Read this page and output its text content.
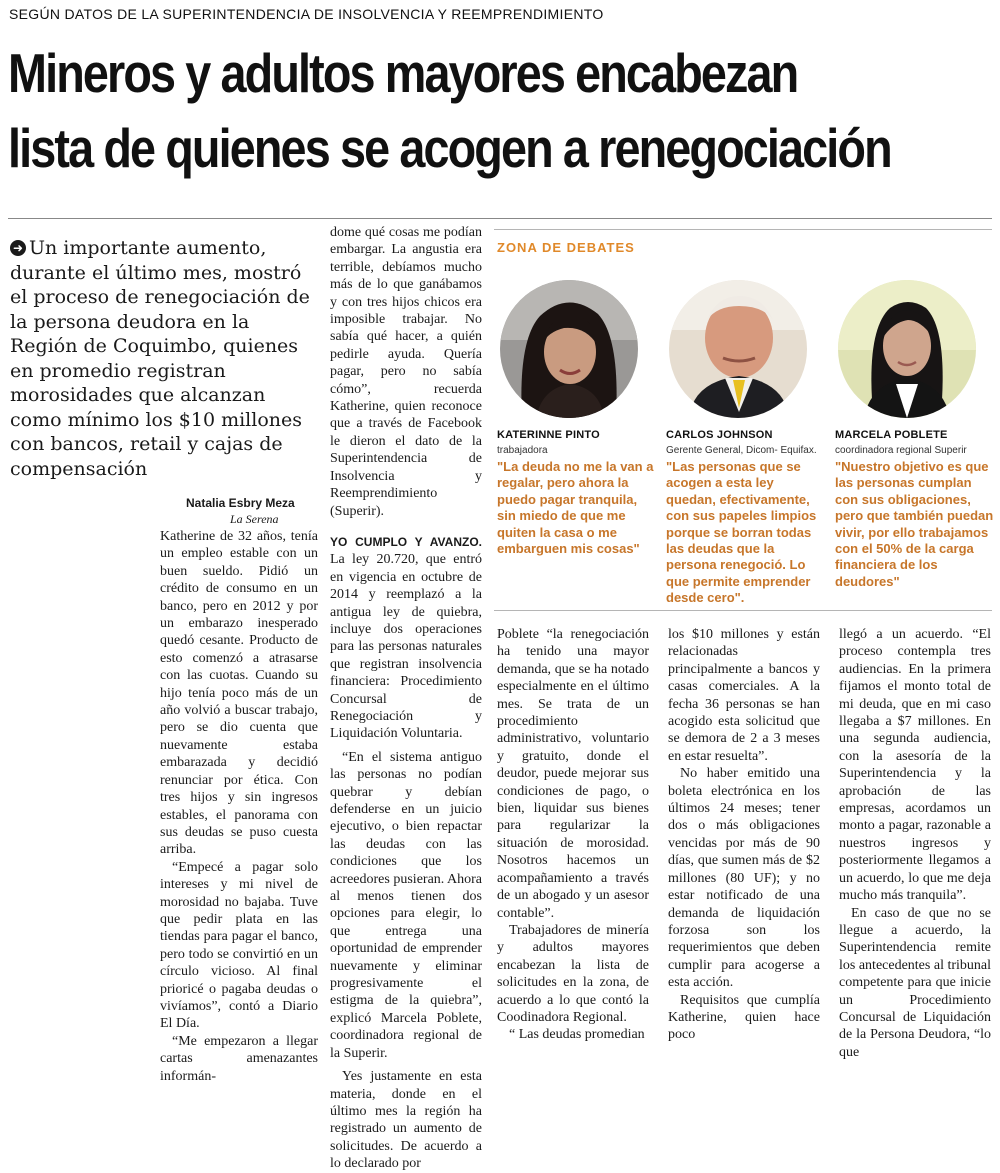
SEGÚN DATOS DE LA SUPERINTENDENCIA DE INSOLVENCIA Y REEMPRENDIMIENTO
Mineros y adultos mayores encabezan
lista de quienes se acogen a renegociación
➜ Un importante aumento, durante el último mes, mostró el proceso de renegociación de la persona deudora en la Región de Coquimbo, quienes en promedio registran morosidades que alcanzan como mínimo los $10 millones con bancos, retail y cajas de compensación
Natalia Esbry Meza
La Serena

Katherine de 32 años, tenía un empleo estable con un buen sueldo. Pidió un crédito de consumo en un banco, pero en 2012 y por un embarazo inesperado quedó cesante. Producto de esto comenzó a atrasarse con las cuotas. Cuando su hijo tenía poco más de un año volvió a buscar trabajo, pero se dio cuenta que nuevamente estaba embarazada y decidió renunciar por ética. Con tres hijos y sin ingresos estables, el panorama con sus deudas se puso cuesta arriba.

“Empecé a pagar solo intereses y mi nivel de morosidad no bajaba. Tuve que pedir plata en las tiendas para pagar el banco, pero todo se convirtió en un círculo vicioso. Al final prioricé o pagaba deudas o vivíamos”, contó a Diario El Día.

“Me empezaron a llegar cartas amenazantes informán-

dome qué cosas me podían embargar. La angustia era terrible, debíamos mucho más de lo que ganábamos y con tres hijos chicos era imposible trabajar. No sabía qué hacer, a quién pedirle ayuda. Quería pagar, pero no sabía cómo”, recuerda Katherine, quien reconoce que a través de Facebook le dieron el dato de la Superintendencia de Insolvencia y Reemprendimiento (Superir).

YO CUMPLO Y AVANZO. La ley 20.720, que entró en vigencia en octubre de 2014 y reemplazó a la antigua ley de quiebra, incluye dos operaciones para las personas naturales que registran insolvencia financiera: Procedimiento Concursal de Renegociación y Liquidación Voluntaria.

“En el sistema antiguo las personas no podían quebrar y debían defenderse en un juicio ejecutivo, o bien repactar las deudas con las condiciones que los acreedores pusieran. Ahora al menos tienen dos opciones para elegir, lo que entrega una oportunidad de emprender nuevamente y eliminar progresivamente el estigma de la quiebra”, explicó Marcela Poblete, coordinadora regional de la Superir.

Yes justamente en esta materia, donde en el último mes la región ha registrado un aumento de solicitudes. De acuerdo a lo declarado por

ZONA DE DEBATES
KATERINNE PINTO
trabajadora
"La deuda no me la van a regalar, pero ahora la puedo pagar tranquila, sin miedo de que me quiten la casa o me embarguen mis cosas"
CARLOS JOHNSON
Gerente General, Dicom- Equifax.
"Las personas que se acogen a esta ley quedan, efectivamente, con sus papeles limpios porque se borran todas las deudas que la persona renegoció. Lo que permite emprender desde cero".
MARCELA POBLETE
coordinadora regional Superir
"Nuestro objetivo es que las personas cumplan con sus obligaciones, pero que también puedan vivir, por ello trabajamos con el 50% de la carga financiera de los deudores"

Poblete “la renegociación ha tenido una mayor demanda, que se ha notado especialmente en el último mes. Se trata de un procedimiento administrativo, voluntario y gratuito, donde el deudor, puede mejorar sus condiciones de pago, o bien, liquidar sus bienes para regularizar la situación de morosidad. Nosotros hacemos un acompañamiento a través de un abogado y un asesor contable”.

Trabajadores de minería y adultos mayores encabezan la lista de solicitudes en la zona, de acuerdo a lo que contó la Coodinadora Regional.

“ Las deudas promedian

los $10 millones y están relacionadas principalmente a bancos y casas comerciales. A la fecha 36 personas se han acogido esta solicitud que se demora de 2 a 3 meses en estar resuelta”.

No haber emitido una boleta electrónica en los últimos 24 meses; tener dos o más obligaciones vencidas por más de 90 días, que sumen más de $2 millones (80 UF); y no estar notificado de una demanda de liquidación forzosa son los requerimientos que deben cumplir para acogerse a esta acción.

Requisitos que cumplía Katherine, quien hace poco

llegó a un acuerdo. “El proceso contempla tres audiencias. En la primera fijamos el monto total de mi deuda, que en mi caso llegaba a $7 millones. En una segunda audiencia, con la asesoría de la Superintendencia y la aprobación de las empresas, acordamos un monto a pagar, razonable a nuestros ingresos y posteriormente llegamos a un acuerdo, lo que me deja mucho más tranquila”.

En caso de que no se llegue a acuerdo, la Superintendencia remite los antecedentes al tribunal competente para que inicie un Procedimiento Concursal de Liquidación de la Persona Deudora, “lo que
